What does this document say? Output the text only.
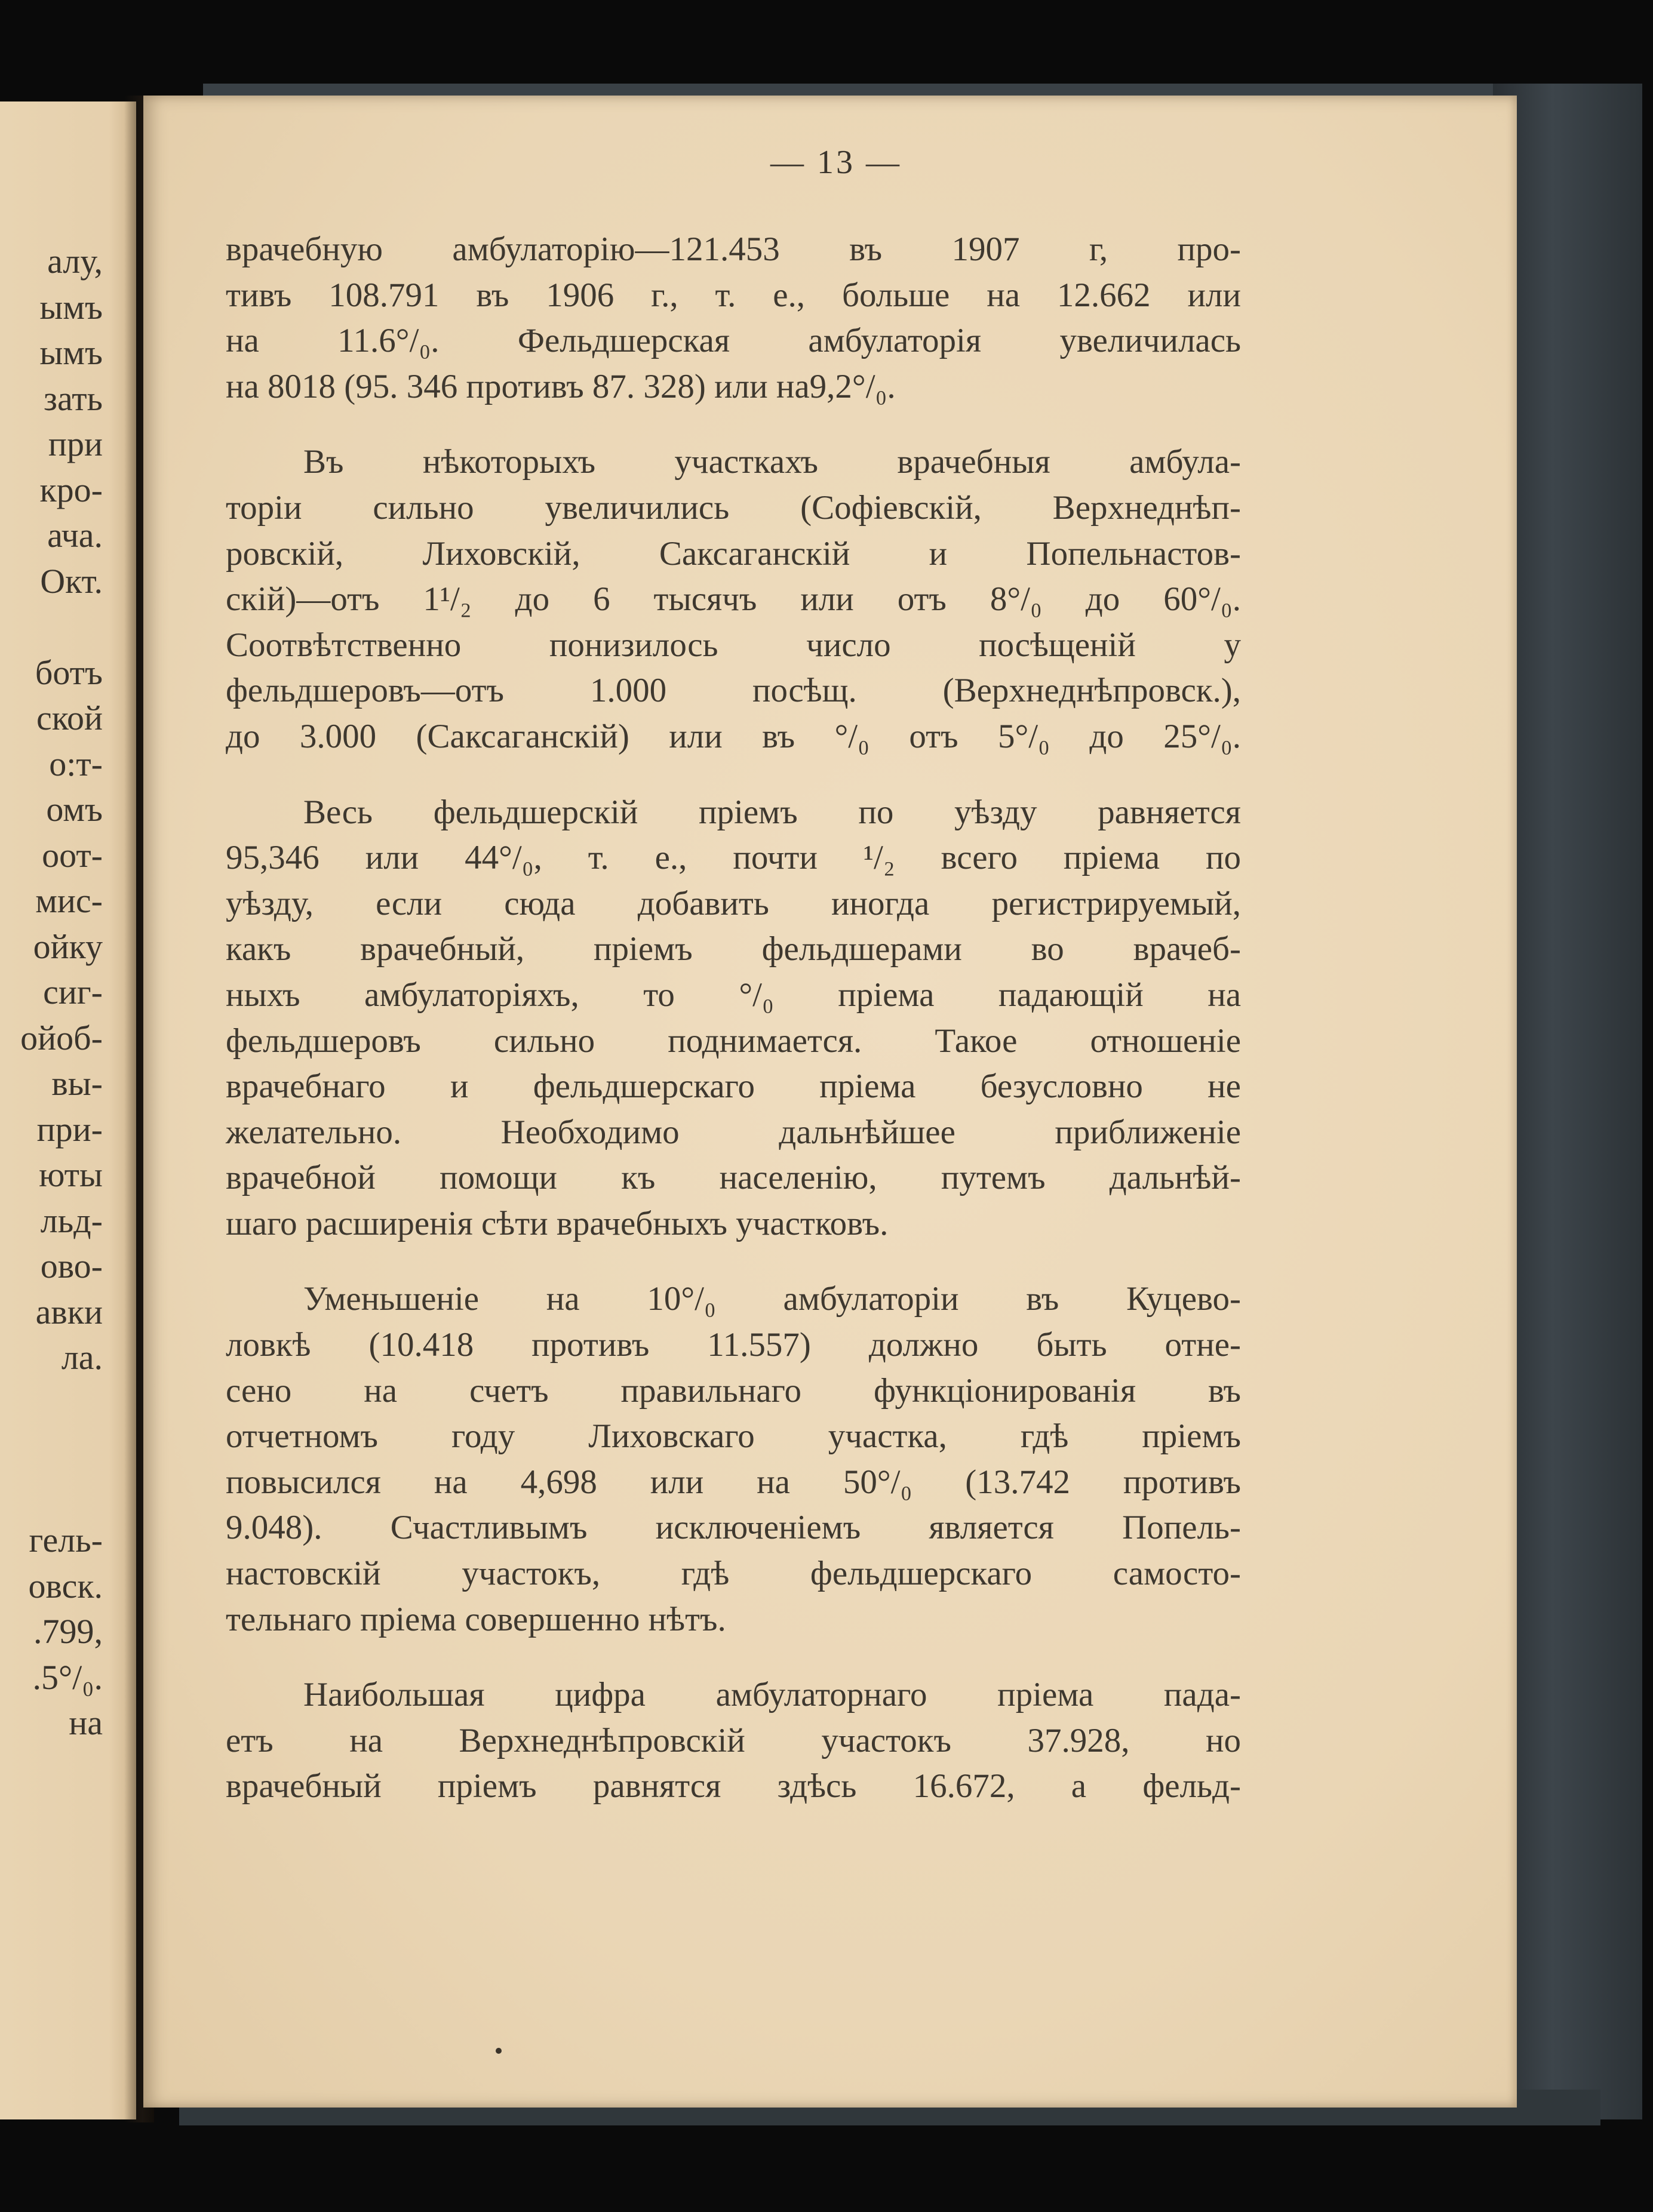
алу,
ымъ
ымъ
зать
при
кро-
ача.
Окт.
ботъ
ской
о:т-
омъ
оот-
мис-
ойку
сиг-
ойоб-
вы-
при-
юты
льд-
ово-
авки
ла.
гель-
овск.
.799,
.5°/₀.
на
— 13 —
врачебную амбулаторію—121.453 въ 1907 г, про-
тивъ 108.791 въ 1906 г., т. е., больше на 12.662 или
на 11.6°/₀. Фельдшерская амбулаторія увеличилась
на 8018 (95. 346 противъ 87. 328) или на9,2°/₀.
Въ нѣкоторыхъ участкахъ врачебныя амбула-
торіи сильно увеличились (Софіевскій, Верхнеднѣп-
ровскій, Лиховскій, Саксаганскій и Попельнастов-
скій)—отъ 1¹/₂ до 6 тысячъ или отъ 8°/₀ до 60°/₀.
Соотвѣтственно понизилось число посѣщеній у
фельдшеровъ—отъ 1.000 посѣщ. (Верхнеднѣпровск.),
до 3.000 (Саксаганскій) или въ °/₀ отъ 5°/₀ до 25°/₀.
Весь фельдшерскій пріемъ по уѣзду равняется
95,346 или 44°/₀, т. е., почти ¹/₂ всего пріема по
уѣзду, если сюда добавить иногда регистрируемый,
какъ врачебный, пріемъ фельдшерами во врачеб-
ныхъ амбулаторіяхъ, то °/₀ пріема падающій на
фельдшеровъ сильно поднимается. Такое отношеніе
врачебнаго и фельдшерскаго пріема безусловно не
желательно. Необходимо дальнѣйшее приближеніе
врачебной помощи къ населенію, путемъ дальнѣй-
шаго расширенія сѣти врачебныхъ участковъ.
Уменьшеніе на 10°/₀ амбулаторіи въ Куцево-
ловкѣ (10.418 противъ 11.557) должно быть отне-
сено на счетъ правильнаго функціонированія въ
отчетномъ году Лиховскаго участка, гдѣ пріемъ
повысился на 4,698 или на 50°/₀ (13.742 противъ
9.048). Счастливымъ исключеніемъ является Попель-
настовскій участокъ, гдѣ фельдшерскаго самосто-
тельнаго пріема совершенно нѣтъ.
Наибольшая цифра амбулаторнаго пріема пада-
етъ на Верхнеднѣпровскій участокъ 37.928, но
врачебный пріемъ равнятся здѣсь 16.672, а фельд-
